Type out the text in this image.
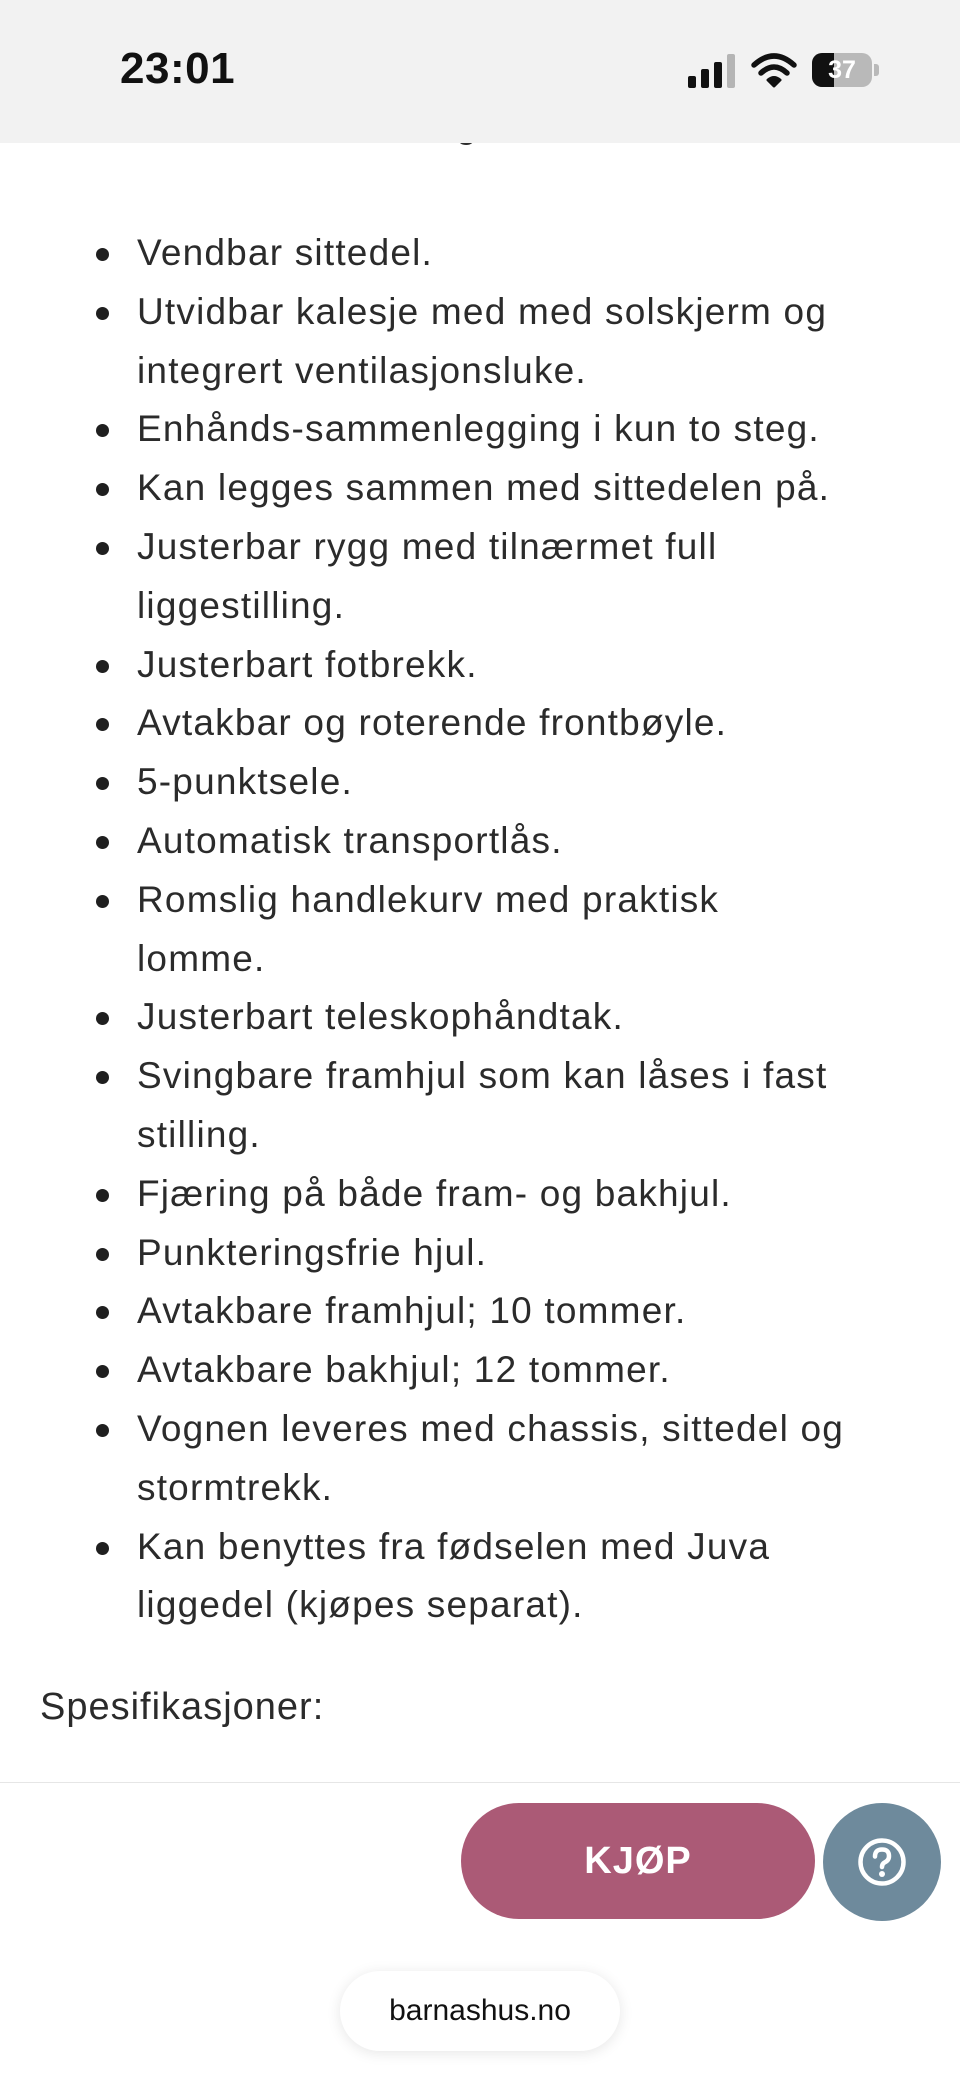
23:01	37
Vendbar sittedel.
Utvidbar kalesje med med solskjerm og
integrert ventilasjonsluke.
Enhånds-sammenlegging i kun to steg.
Kan legges sammen med sittedelen på.
Justerbar rygg med tilnærmet full
liggestilling.
Justerbart fotbrekk.
Avtakbar og roterende frontbøyle.
5-punktsele.
Automatisk transportlås.
Romslig handlekurv med praktisk
lomme.
Justerbart teleskophåndtak.
Svingbare framhjul som kan låses i fast
stilling.
Fjæring på både fram- og bakhjul.
Punkteringsfrie hjul.
Avtakbare framhjul; 10 tommer.
Avtakbare bakhjul; 12 tommer.
Vognen leveres med chassis, sittedel og
stormtrekk.
Kan benyttes fra fødselen med Juva
liggedel (kjøpes separat).

Spesifikasjoner:

KJØP
barnashus.no
